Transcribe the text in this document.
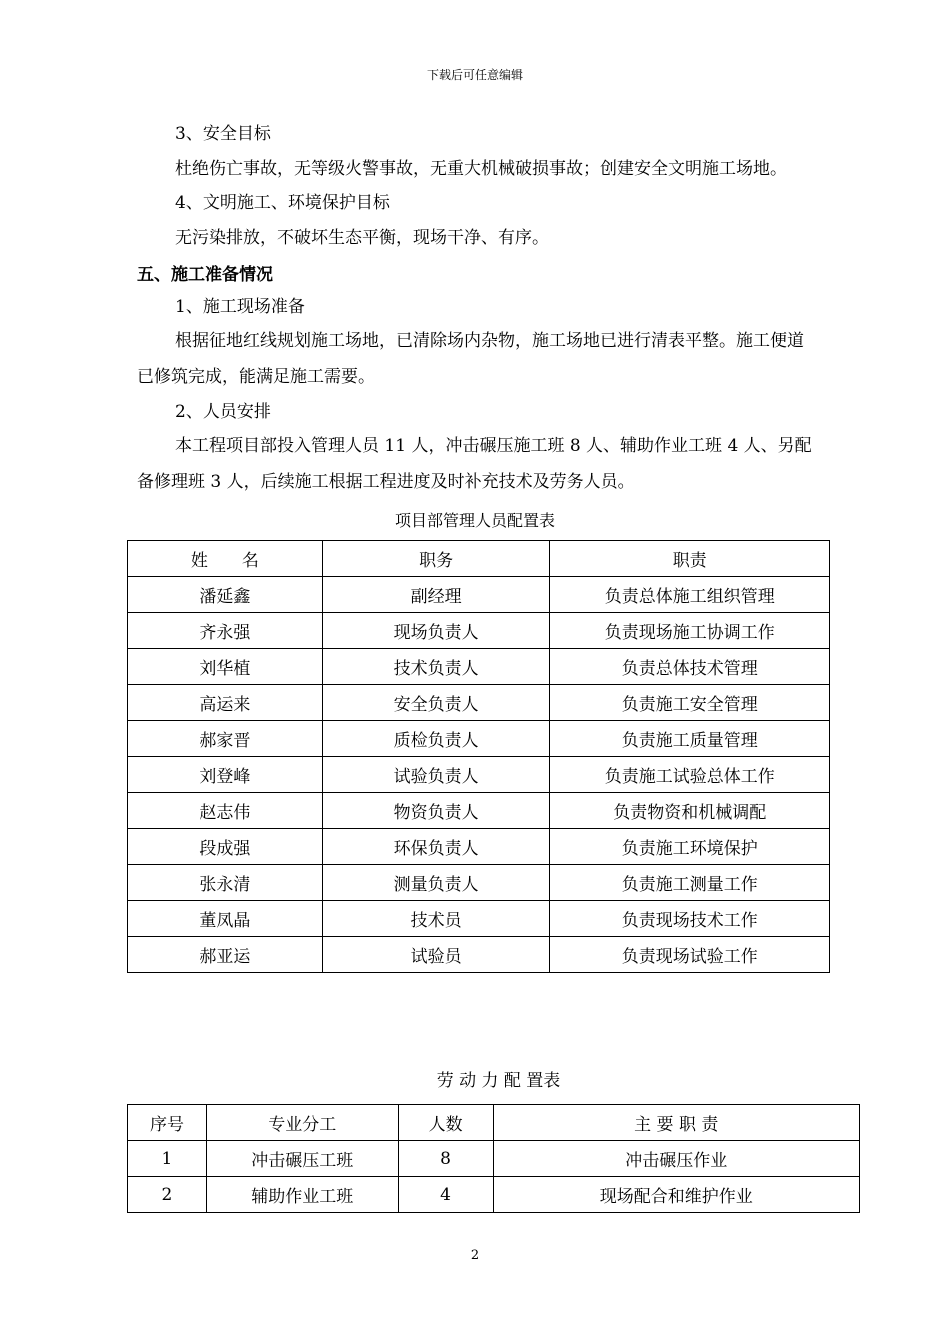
下载后可任意编辑
3、安全目标
杜绝伤亡事故，无等级火警事故，无重大机械破损事故；创建安全文明施工场地。
4、文明施工、环境保护目标
无污染排放，不破坏生态平衡，现场干净、有序。
五、施工准备情况
1、施工现场准备
根据征地红线规划施工场地，已清除场内杂物，施工场地已进行清表平整。施工便道
已修筑完成，能满足施工需要。
2、人员安排
本工程项目部投入管理人员 11 人，冲击碾压施工班 8 人、辅助作业工班 4 人、另配
备修理班 3 人，后续施工根据工程进度及时补充技术及劳务人员。
项目部管理人员配置表
姓　　名	职务	职责
潘延鑫	副经理	负责总体施工组织管理
齐永强	现场负责人	负责现场施工协调工作
刘华植	技术负责人	负责总体技术管理
高运来	安全负责人	负责施工安全管理
郝家晋	质检负责人	负责施工质量管理
刘登峰	试验负责人	负责施工试验总体工作
赵志伟	物资负责人	负责物资和机械调配
段成强	环保负责人	负责施工环境保护
张永清	测量负责人	负责施工测量工作
董凤晶	技术员	负责现场技术工作
郝亚运	试验员	负责现场试验工作
劳 动 力 配 置表
序号	专业分工	人数	主 要 职 责
1	冲击碾压工班	8	冲击碾压作业
2	辅助作业工班	4	现场配合和维护作业
2
